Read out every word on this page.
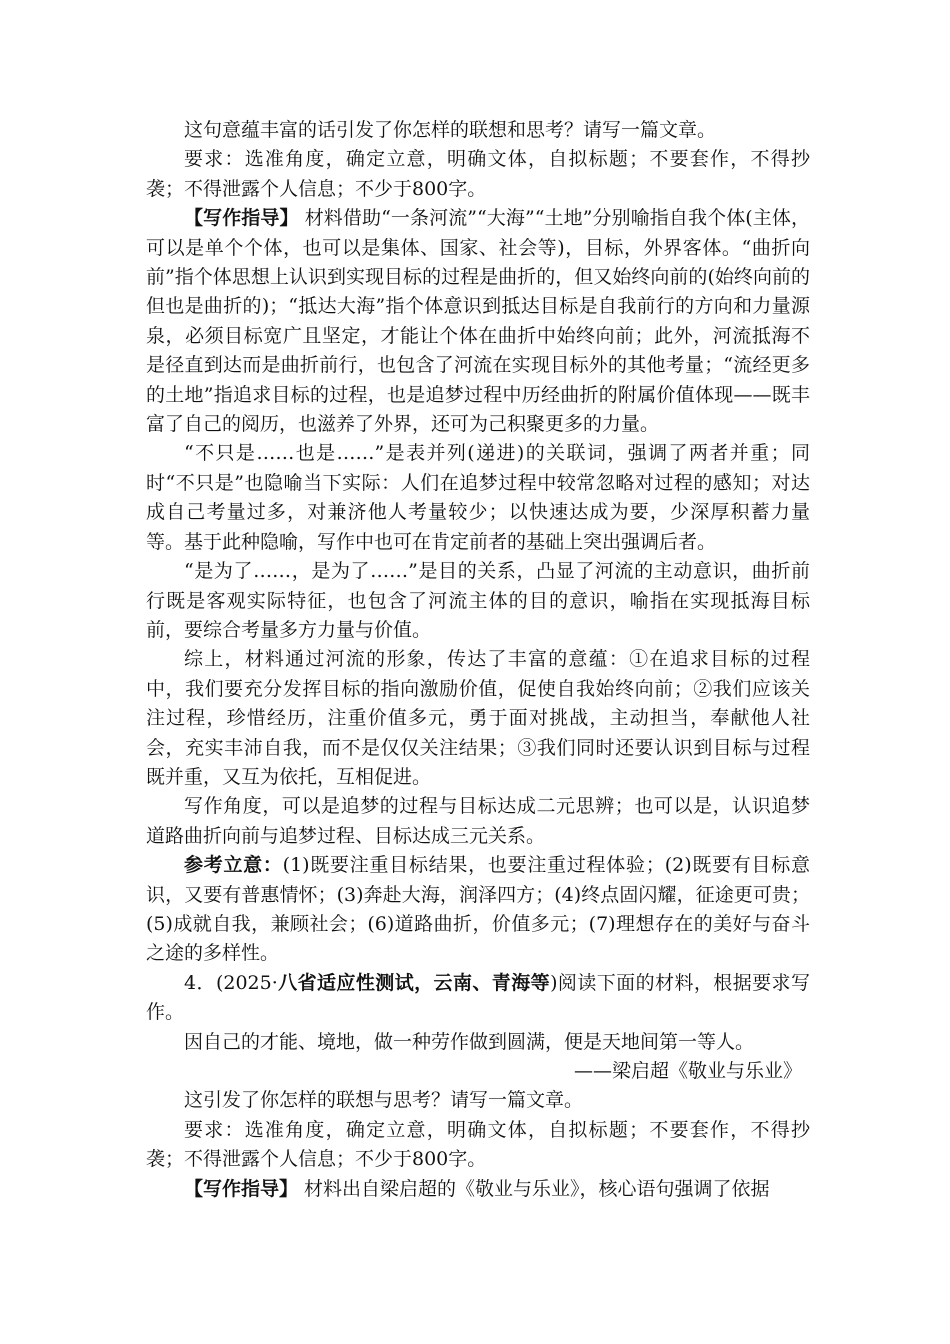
这句意蕴丰富的话引发了你怎样的联想和思考？请写一篇文章。

要求：选准角度，确定立意，明确文体，自拟标题；不要套作，不得抄袭；不得泄露个人信息；不少于800字。

【写作指导】 材料借助“一条河流”“大海”“土地”分别喻指自我个体(主体，可以是单个个体，也可以是集体、国家、社会等)，目标，外界客体。“曲折向前”指个体思想上认识到实现目标的过程是曲折的，但又始终向前的(始终向前的但也是曲折的)；“抵达大海”指个体意识到抵达目标是自我前行的方向和力量源泉，必须目标宽广且坚定，才能让个体在曲折中始终向前；此外，河流抵海不是径直到达而是曲折前行，也包含了河流在实现目标外的其他考量；“流经更多的土地”指追求目标的过程，也是追梦过程中历经曲折的附属价值体现——既丰富了自己的阅历，也滋养了外界，还可为己积聚更多的力量。

“不只是……也是……”是表并列(递进)的关联词，强调了两者并重；同时“不只是”也隐喻当下实际：人们在追梦过程中较常忽略对过程的感知；对达成自己考量过多，对兼济他人考量较少；以快速达成为要，少深厚积蓄力量等。基于此种隐喻，写作中也可在肯定前者的基础上突出强调后者。

“是为了……，是为了……”是目的关系，凸显了河流的主动意识，曲折前行既是客观实际特征，也包含了河流主体的目的意识，喻指在实现抵海目标前，要综合考量多方力量与价值。

综上，材料通过河流的形象，传达了丰富的意蕴：①在追求目标的过程中，我们要充分发挥目标的指向激励价值，促使自我始终向前；②我们应该关注过程，珍惜经历，注重价值多元，勇于面对挑战，主动担当，奉献他人社会，充实丰沛自我，而不是仅仅关注结果；③我们同时还要认识到目标与过程既并重，又互为依托，互相促进。

写作角度，可以是追梦的过程与目标达成二元思辨；也可以是，认识追梦道路曲折向前与追梦过程、目标达成三元关系。

参考立意：(1)既要注重目标结果，也要注重过程体验；(2)既要有目标意识，又要有普惠情怀；(3)奔赴大海，润泽四方；(4)终点固闪耀，征途更可贵；(5)成就自我，兼顾社会；(6)道路曲折，价值多元；(7)理想存在的美好与奋斗之途的多样性。

4．(2025·八省适应性测试，云南、青海等)阅读下面的材料，根据要求写作。

因自己的才能、境地，做一种劳作做到圆满，便是天地间第一等人。

——梁启超《敬业与乐业》

这引发了你怎样的联想与思考？请写一篇文章。

要求：选准角度，确定立意，明确文体，自拟标题；不要套作，不得抄袭；不得泄露个人信息；不少于800字。

【写作指导】 材料出自梁启超的《敬业与乐业》，核心语句强调了依据
